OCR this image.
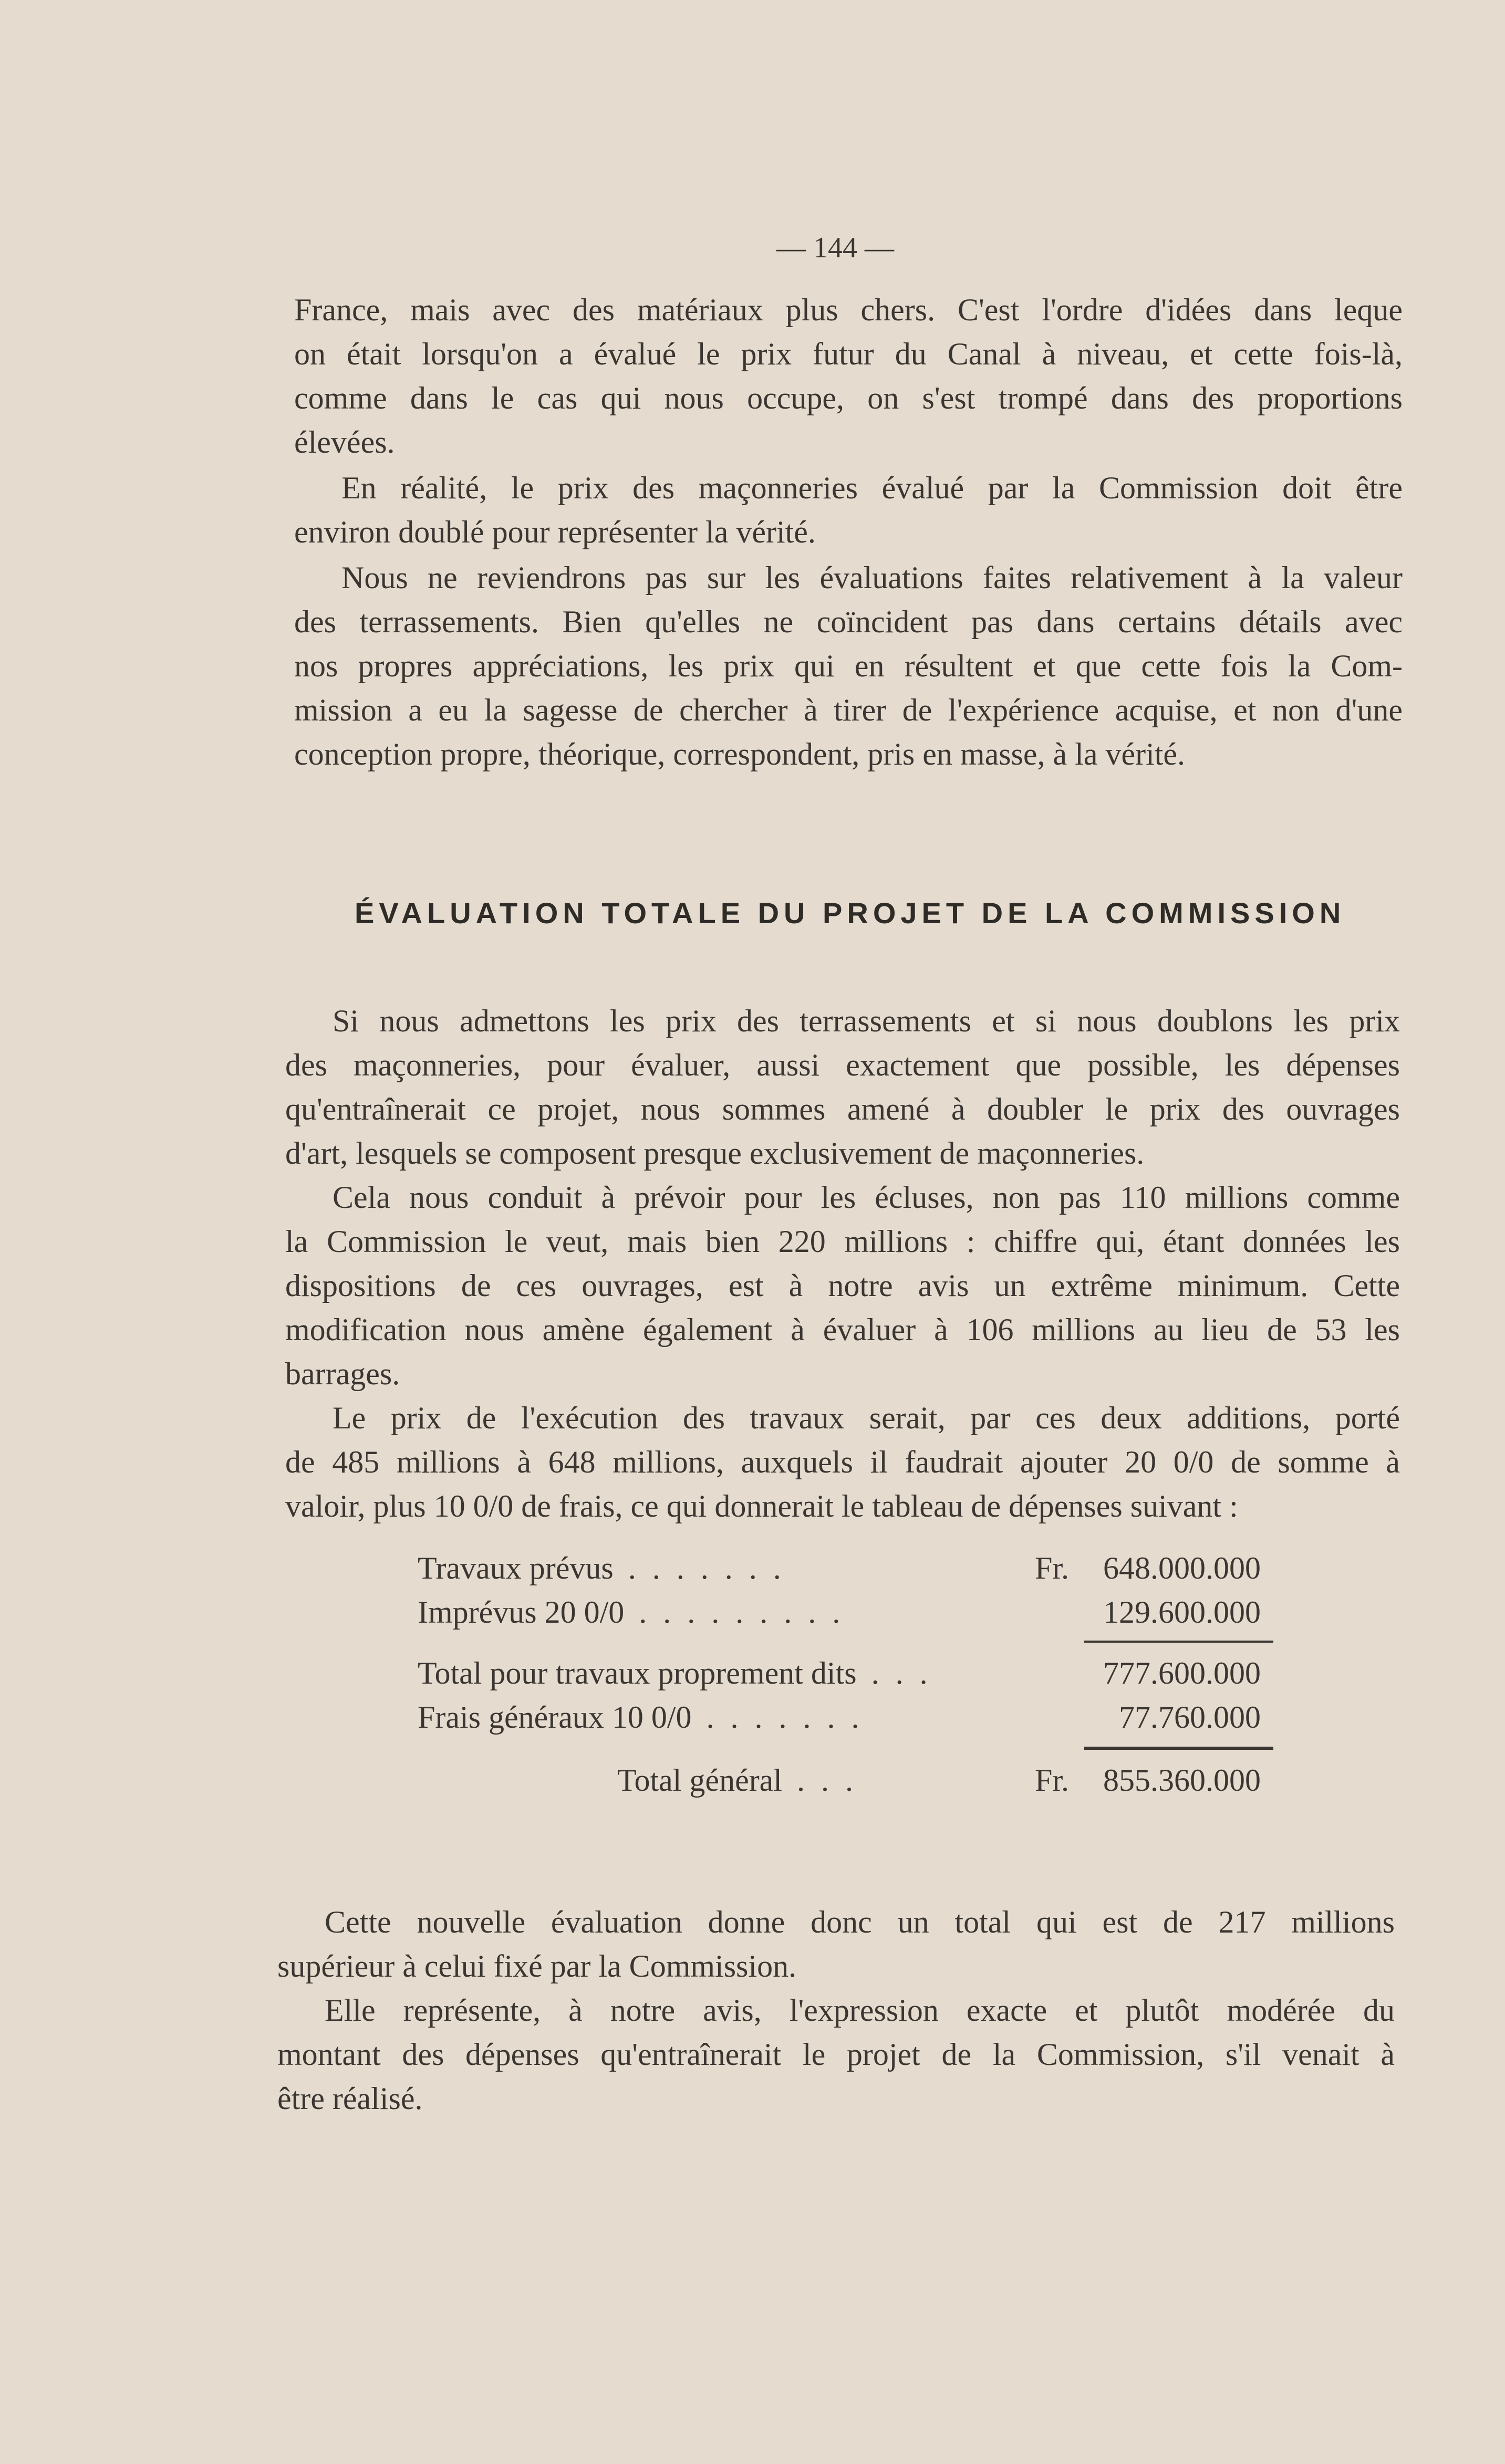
— 144 —
France, mais avec des matériaux plus chers. C'est l'ordre d'idées dans leque
on était lorsqu'on a évalué le prix futur du Canal à niveau, et cette fois-là,
comme dans le cas qui nous occupe, on s'est trompé dans des proportions
élevées.
En réalité, le prix des maçonneries évalué par la Commission doit être
environ doublé pour représenter la vérité.
Nous ne reviendrons pas sur les évaluations faites relativement à la valeur
des terrassements. Bien qu'elles ne coïncident pas dans certains détails avec
nos propres appréciations, les prix qui en résultent et que cette fois la Com-
mission a eu la sagesse de chercher à tirer de l'expérience acquise, et non d'une
conception propre, théorique, correspondent, pris en masse, à la vérité.
ÉVALUATION TOTALE DU PROJET DE LA COMMISSION
Si nous admettons les prix des terrassements et si nous doublons les prix
des maçonneries, pour évaluer, aussi exactement que possible, les dépenses
qu'entraînerait ce projet, nous sommes amené à doubler le prix des ouvrages
d'art, lesquels se composent presque exclusivement de maçonneries.
Cela nous conduit à prévoir pour les écluses, non pas 110 millions comme
la Commission le veut, mais bien 220 millions : chiffre qui, étant données les
dispositions de ces ouvrages, est à notre avis un extrême minimum. Cette
modification nous amène également à évaluer à 106 millions au lieu de 53 les
barrages.
Le prix de l'exécution des travaux serait, par ces deux additions, porté
de 485 millions à 648 millions, auxquels il faudrait ajouter 20 0/0 de somme à
valoir, plus 10 0/0 de frais, ce qui donnerait le tableau de dépenses suivant :
Travaux prévus . . . . . . .	Fr.	648.000.000
Imprévus 20 0/0 . . . . . . . . .	129.600.000
Total pour travaux proprement dits . . .	777.600.000
Frais généraux 10 0/0 . . . . . . .	77.760.000
Total général . . .	Fr.	855.360.000
Cette nouvelle évaluation donne donc un total qui est de 217 millions
supérieur à celui fixé par la Commission.
Elle représente, à notre avis, l'expression exacte et plutôt modérée du
montant des dépenses qu'entraînerait le projet de la Commission, s'il venait à
être réalisé.
